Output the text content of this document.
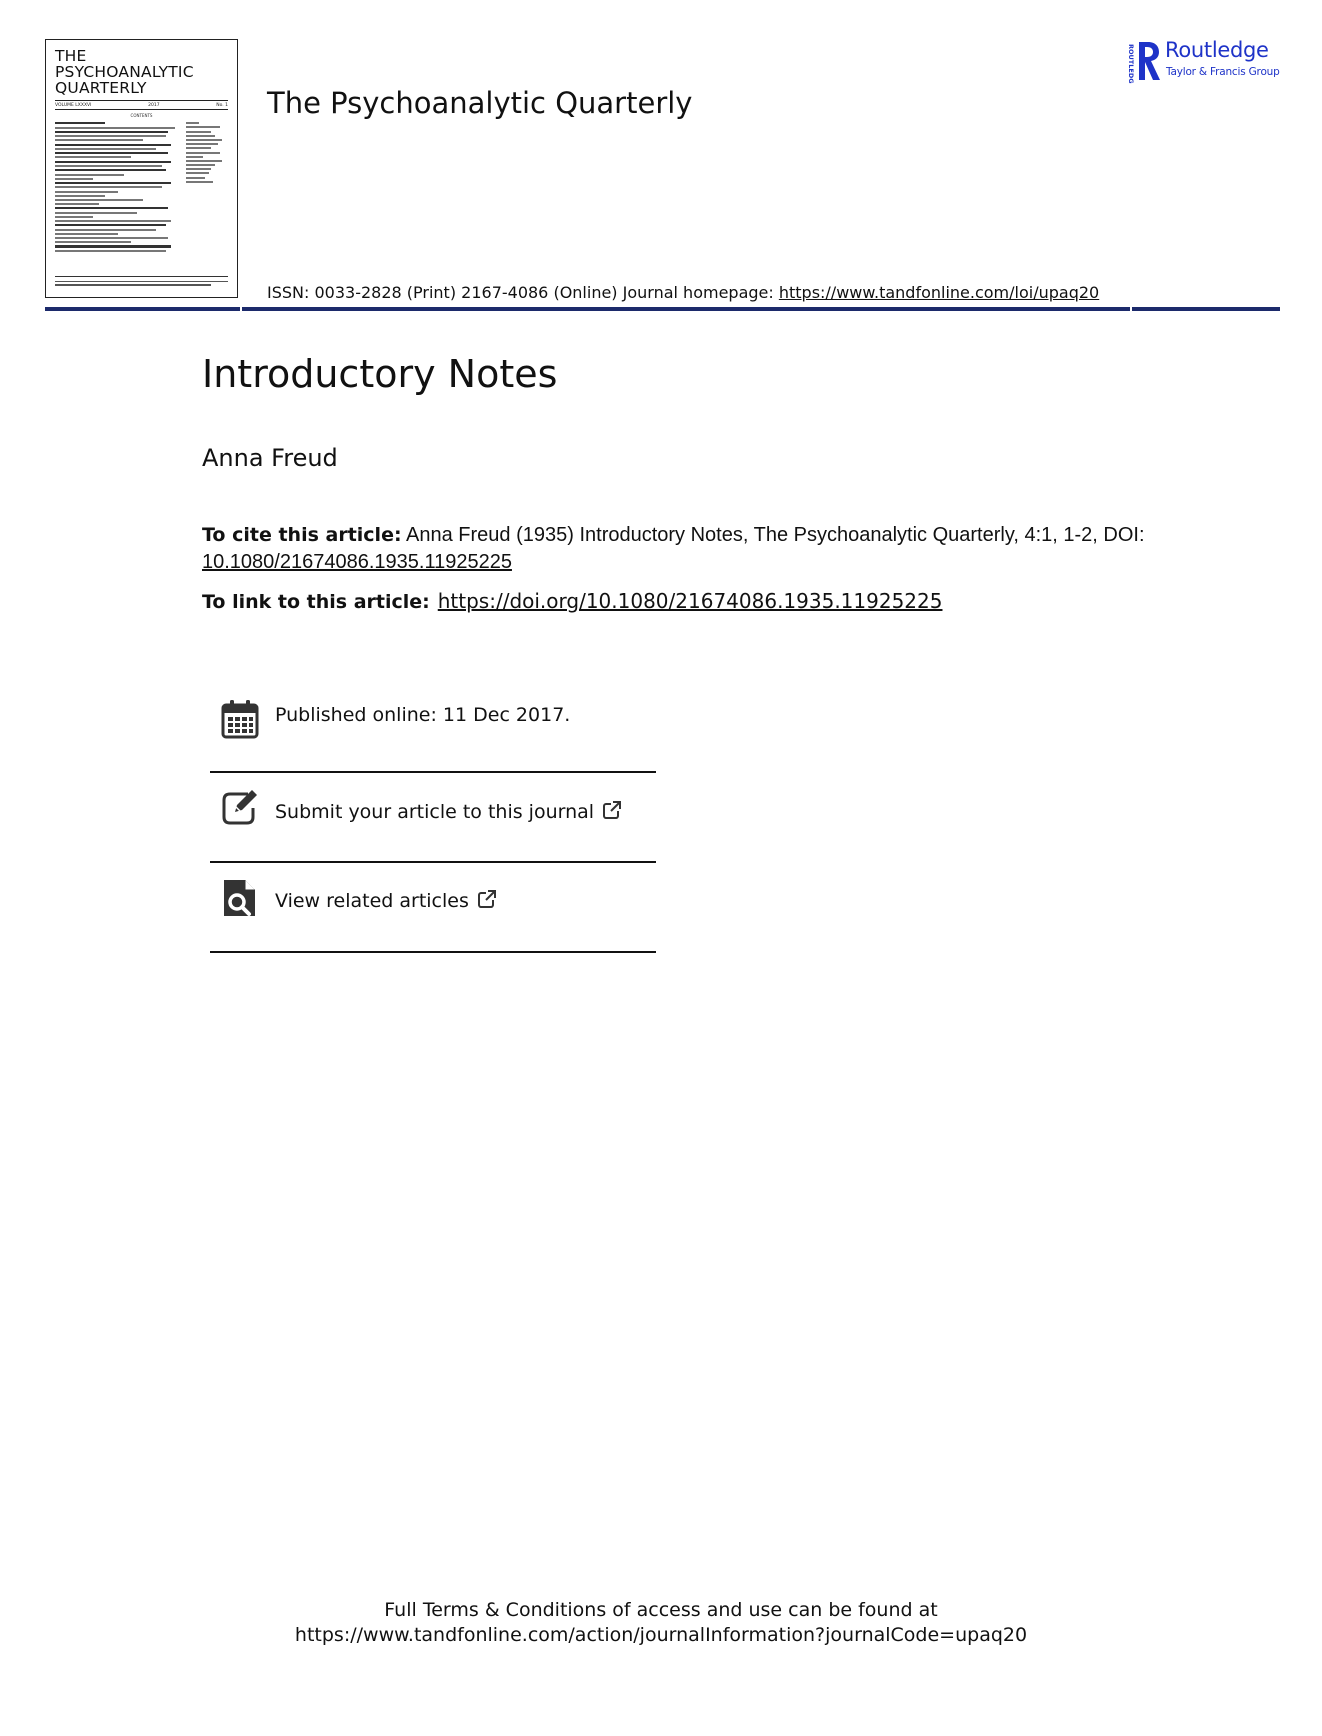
THE
PSYCHOANALYTIC
QUARTERLY
VOLUME LXXXVI	2017	No. 1
CONTENTS	The Psychoanalytic Quarterly
ROUTLEDGE Routledge
Taylor & Francis Group
ISSN: 0033-2828 (Print) 2167-4086 (Online) Journal homepage: https://www.tandfonline.com/loi/upaq20
Introductory Notes
Anna Freud
To cite this article: Anna Freud (1935) Introductory Notes, The Psychoanalytic Quarterly, 4:1, 1-2, DOI: 10.1080/21674086.1935.11925225
To link to this article: https://doi.org/10.1080/21674086.1935.11925225
Published online: 11 Dec 2017.
Submit your article to this journal
View related articles
Full Terms & Conditions of access and use can be found at
https://www.tandfonline.com/action/journalInformation?journalCode=upaq20
